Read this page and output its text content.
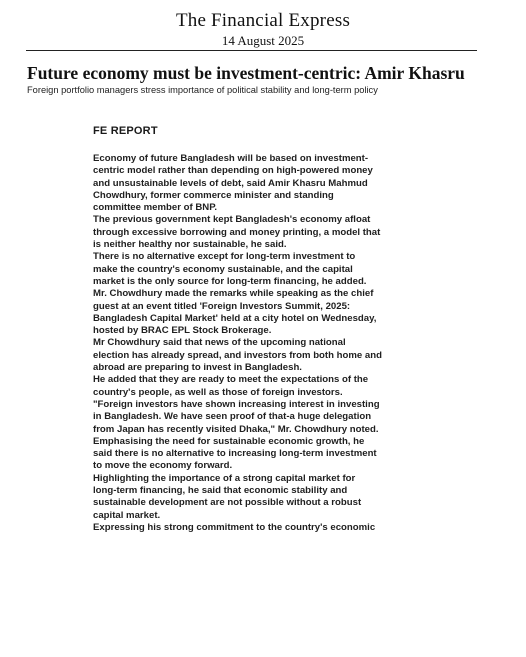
The Financial Express
14 August 2025
Future economy must be investment-centric: Amir Khasru

Foreign portfolio managers stress importance of political stability and long-term policy

FE REPORT

Economy of future Bangladesh will be based on investment-
centric model rather than depending on high-powered money
and unsustainable levels of debt, said Amir Khasru Mahmud
Chowdhury, former commerce minister and standing
committee member of BNP.

The previous government kept Bangladesh's economy afloat
through excessive borrowing and money printing, a model that
is neither healthy nor sustainable, he said.

There is no alternative except for long-term investment to
make the country's economy sustainable, and the capital
market is the only source for long-term financing, he added.

Mr. Chowdhury made the remarks while speaking as the chief
guest at an event titled 'Foreign Investors Summit, 2025:
Bangladesh Capital Market' held at a city hotel on Wednesday,
hosted by BRAC EPL Stock Brokerage.

Mr Chowdhury said that news of the upcoming national
election has already spread, and investors from both home and
abroad are preparing to invest in Bangladesh.

He added that they are ready to meet the expectations of the
country's people, as well as those of foreign investors.

"Foreign investors have shown increasing interest in investing
in Bangladesh. We have seen proof of that-a huge delegation
from Japan has recently visited Dhaka," Mr. Chowdhury noted.

Emphasising the need for sustainable economic growth, he
said there is no alternative to increasing long-term investment
to move the economy forward.

Highlighting the importance of a strong capital market for
long-term financing, he said that economic stability and
sustainable development are not possible without a robust
capital market.

Expressing his strong commitment to the country's economic
